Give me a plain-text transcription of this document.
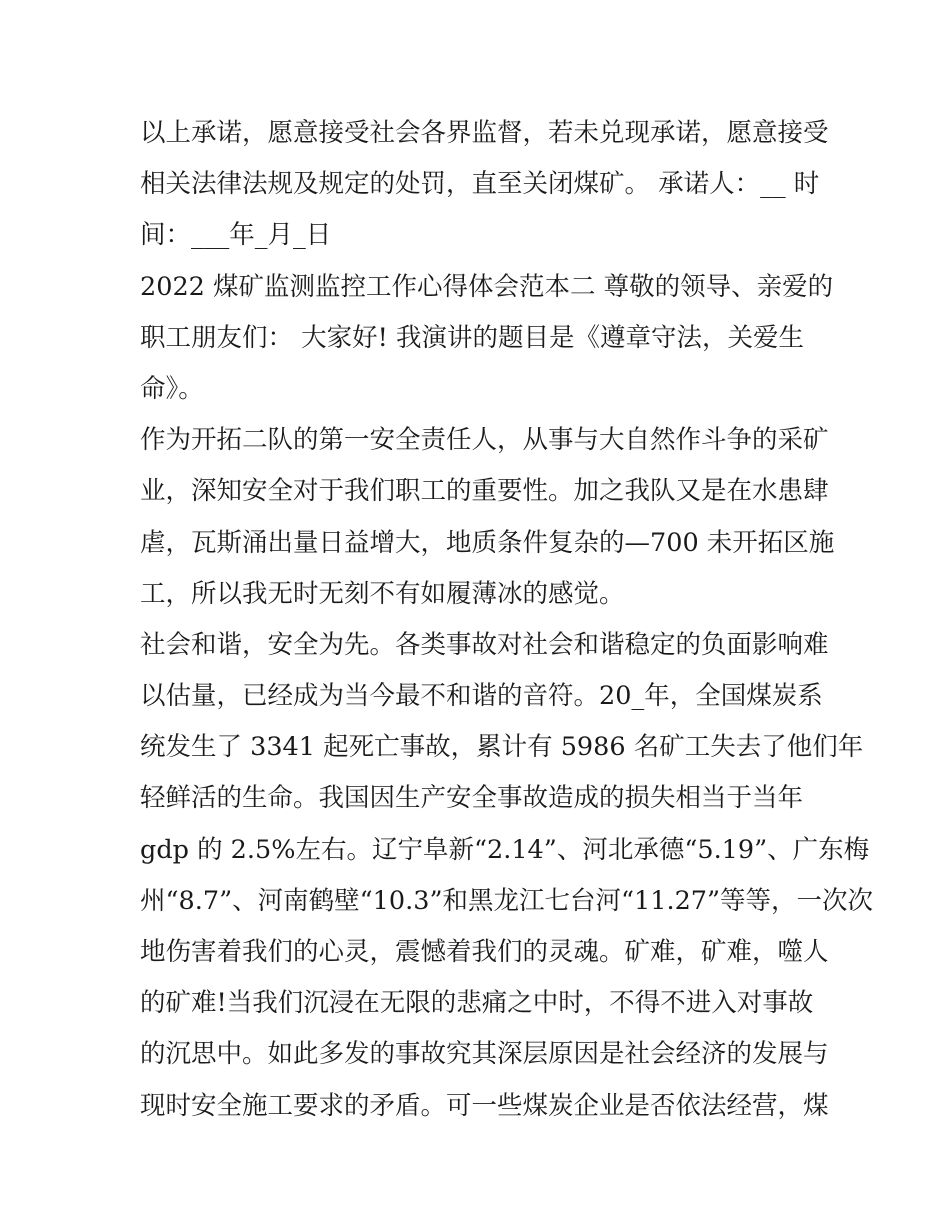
以上承诺，愿意接受社会各界监督，若未兑现承诺，愿意接受
相关法律法规及规定的处罚，直至关闭煤矿。 承诺人：__ 时
间：___年_月_日
2022 煤矿监测监控工作心得体会范本二 尊敬的领导、亲爱的
职工朋友们： 大家好! 我演讲的题目是《遵章守法，关爱生
命》。
作为开拓二队的第一安全责任人，从事与大自然作斗争的采矿
业，深知安全对于我们职工的重要性。加之我队又是在水患肆
虐，瓦斯涌出量日益增大，地质条件复杂的—700 未开拓区施
工，所以我无时无刻不有如履薄冰的感觉。
社会和谐，安全为先。各类事故对社会和谐稳定的负面影响难
以估量，已经成为当今最不和谐的音符。20_年，全国煤炭系
统发生了 3341 起死亡事故，累计有 5986 名矿工失去了他们年
轻鲜活的生命。我国因生产安全事故造成的损失相当于当年
gdp 的 2.5%左右。辽宁阜新“2.14”、河北承德“5.19”、广东梅
州“8.7”、河南鹤壁“10.3”和黑龙江七台河“11.27”等等，一次次
地伤害着我们的心灵，震憾着我们的灵魂。矿难，矿难，噬人
的矿难!当我们沉浸在无限的悲痛之中时，不得不进入对事故
的沉思中。如此多发的事故究其深层原因是社会经济的发展与
现时安全施工要求的矛盾。可一些煤炭企业是否依法经营，煤
